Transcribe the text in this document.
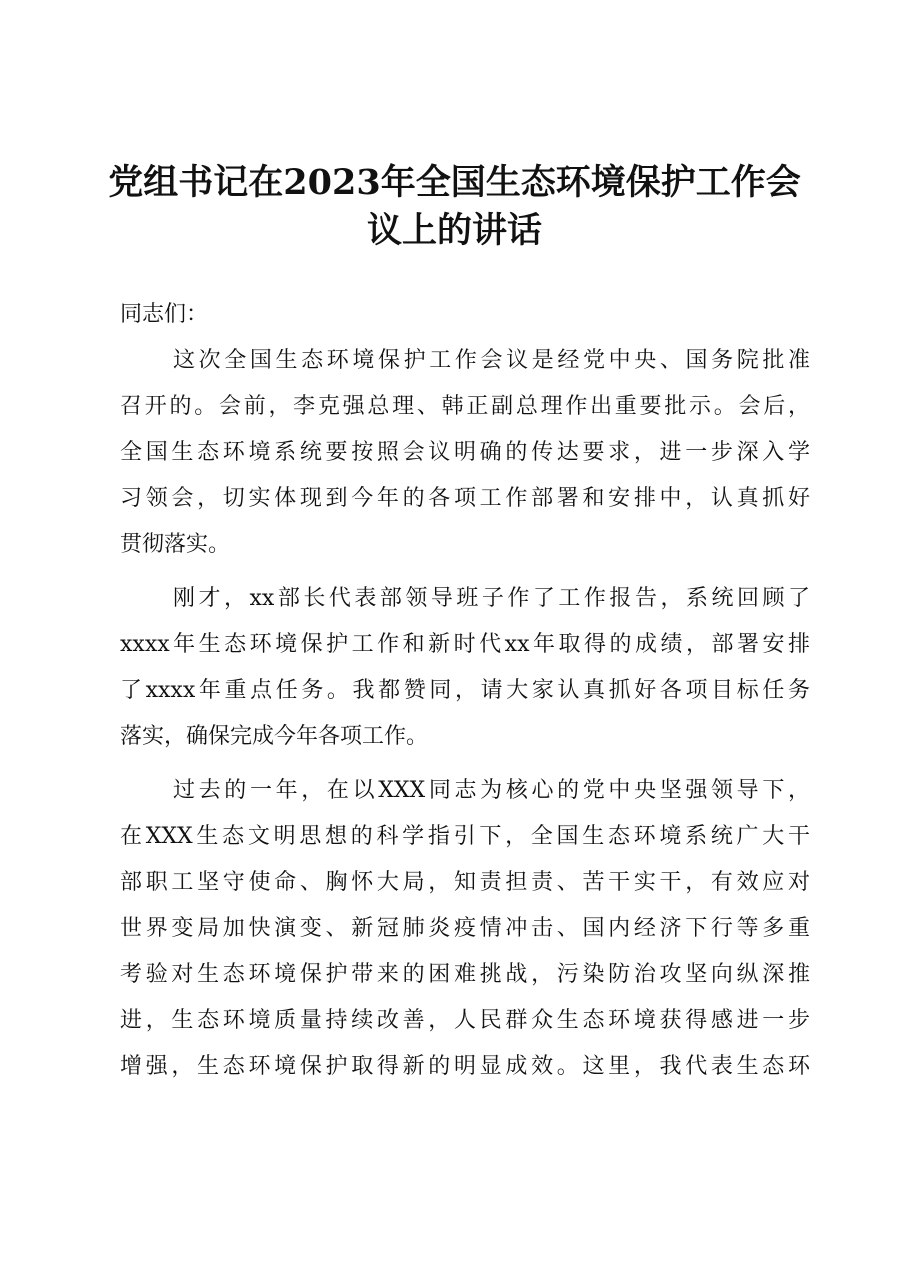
党组书记在2023年全国生态环境保护工作会
议上的讲话
同志们：
这次全国生态环境保护工作会议是经党中央、国务院批准
召开的。会前，李克强总理、韩正副总理作出重要批示。会后，
全国生态环境系统要按照会议明确的传达要求，进一步深入学
习领会，切实体现到今年的各项工作部署和安排中，认真抓好
贯彻落实。
刚才，xx部长代表部领导班子作了工作报告，系统回顾了
xxxx年生态环境保护工作和新时代xx年取得的成绩，部署安排
了xxxx年重点任务。我都赞同，请大家认真抓好各项目标任务
落实，确保完成今年各项工作。
过去的一年，在以XXX同志为核心的党中央坚强领导下，
在XXX生态文明思想的科学指引下，全国生态环境系统广大干
部职工坚守使命、胸怀大局，知责担责、苦干实干，有效应对
世界变局加快演变、新冠肺炎疫情冲击、国内经济下行等多重
考验对生态环境保护带来的困难挑战，污染防治攻坚向纵深推
进，生态环境质量持续改善，人民群众生态环境获得感进一步
增强，生态环境保护取得新的明显成效。这里，我代表生态环
